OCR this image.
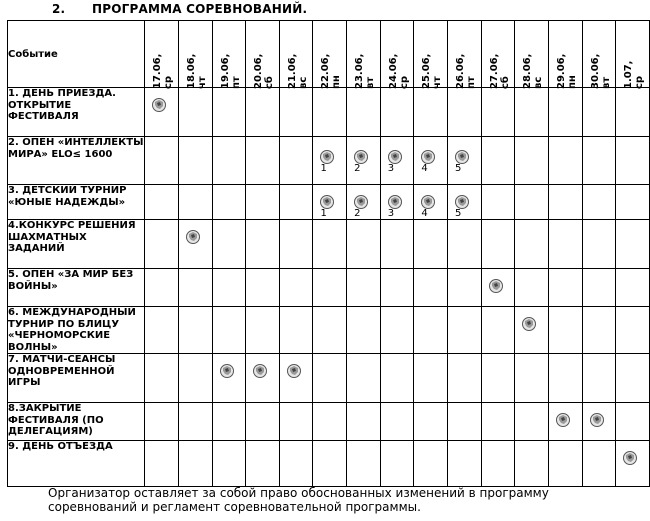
2. ПРОГРАММА СОРЕВНОВАНИЙ.
Событие	17.06, ср	18.06, чт	19.06, пт	20.06, сб	21.06, вс	22.06, пн	23.06, вт	24.06, ср	25.06, чт	26.06, пт	27.06, сб	28.06, вс	29.06, пн	30.06, вт	1.07, ср

1. ДЕНЬ ПРИЕЗДА. ОТКРЫТИЕ ФЕСТИВАЛЯ	

2. ОПЕН «ИНТЕЛЛЕКТЫ МИРА» ELO≤ 1600						1	2	3	4	5					

3. ДЕТСКИЙ ТУРНИР «ЮНЫЕ НАДЕЖДЫ»						1	2	3	4	5					

4.КОНКУРС РЕШЕНИЯ ШАХМАТНЫХ ЗАДАНИЙ		

5. ОПЕН «ЗА МИР БЕЗ ВОЙНЫ»											

6. МЕЖДУНАРОДНЫЙ ТУРНИР ПО БЛИЦУ «ЧЕРНОМОРСКИЕ ВОЛНЫ»												

7. МАТЧИ-СЕАНСЫ ОДНОВРЕМЕННОЙ ИГРЫ			

8.ЗАКРЫТИЕ ФЕСТИВАЛЯ (ПО ДЕЛЕГАЦИЯМ)													

9. ДЕНЬ ОТЪЕЗДА															
Организатор оставляет за собой право обоснованных изменений в программу соревнований и регламент соревновательной программы.
